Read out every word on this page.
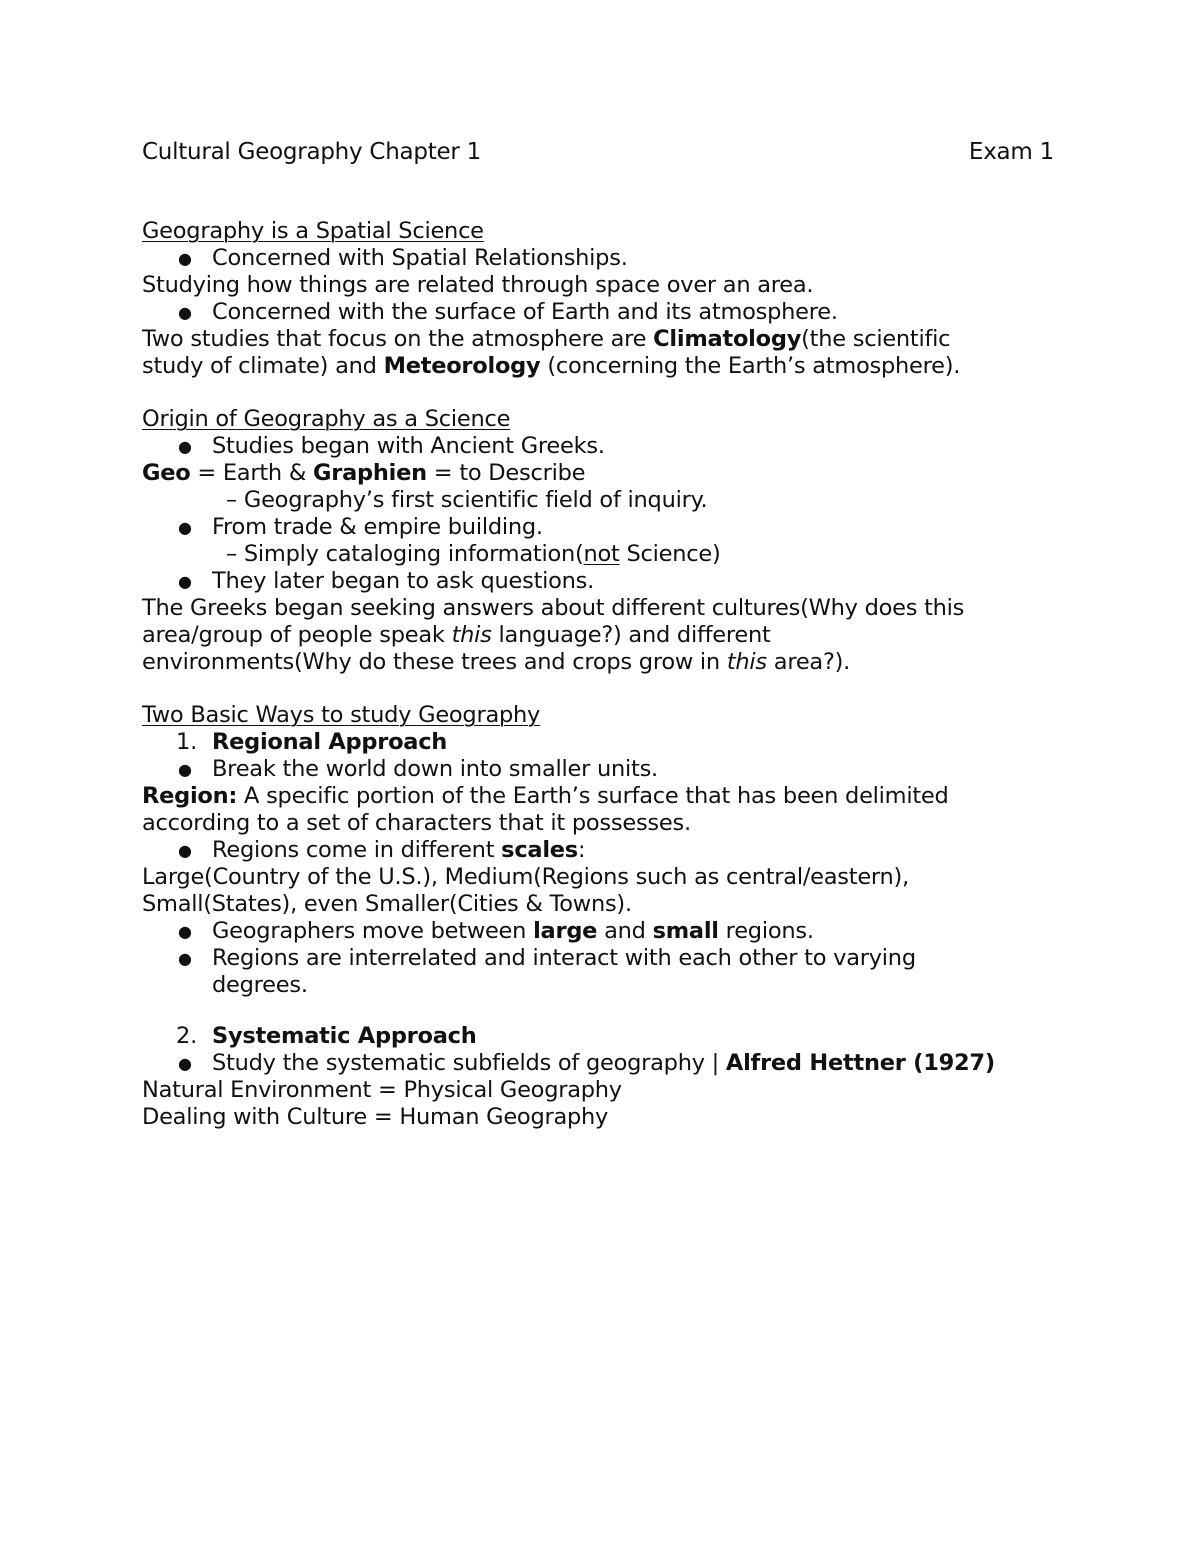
Cultural Geography Chapter 1	Exam 1
Geography is a Spatial Science
● Concerned with Spatial Relationships.
Studying how things are related through space over an area.
● Concerned with the surface of Earth and its atmosphere.
Two studies that focus on the atmosphere are Climatology(the scientific
study of climate) and Meteorology (concerning the Earth’s atmosphere).
Origin of Geography as a Science
● Studies began with Ancient Greeks.
Geo = Earth & Graphien = to Describe
– Geography’s first scientific field of inquiry.
● From trade & empire building.
– Simply cataloging information(not Science)
● They later began to ask questions.
The Greeks began seeking answers about different cultures(Why does this
area/group of people speak this language?) and different
environments(Why do these trees and crops grow in this area?).
Two Basic Ways to study Geography
1. Regional Approach
● Break the world down into smaller units.
Region: A specific portion of the Earth’s surface that has been delimited
according to a set of characters that it possesses.
● Regions come in different scales:
Large(Country of the U.S.), Medium(Regions such as central/eastern),
Small(States), even Smaller(Cities & Towns).
● Geographers move between large and small regions.
● Regions are interrelated and interact with each other to varying
degrees.
2. Systematic Approach
● Study the systematic subfields of geography | Alfred Hettner (1927)
Natural Environment = Physical Geography
Dealing with Culture = Human Geography
